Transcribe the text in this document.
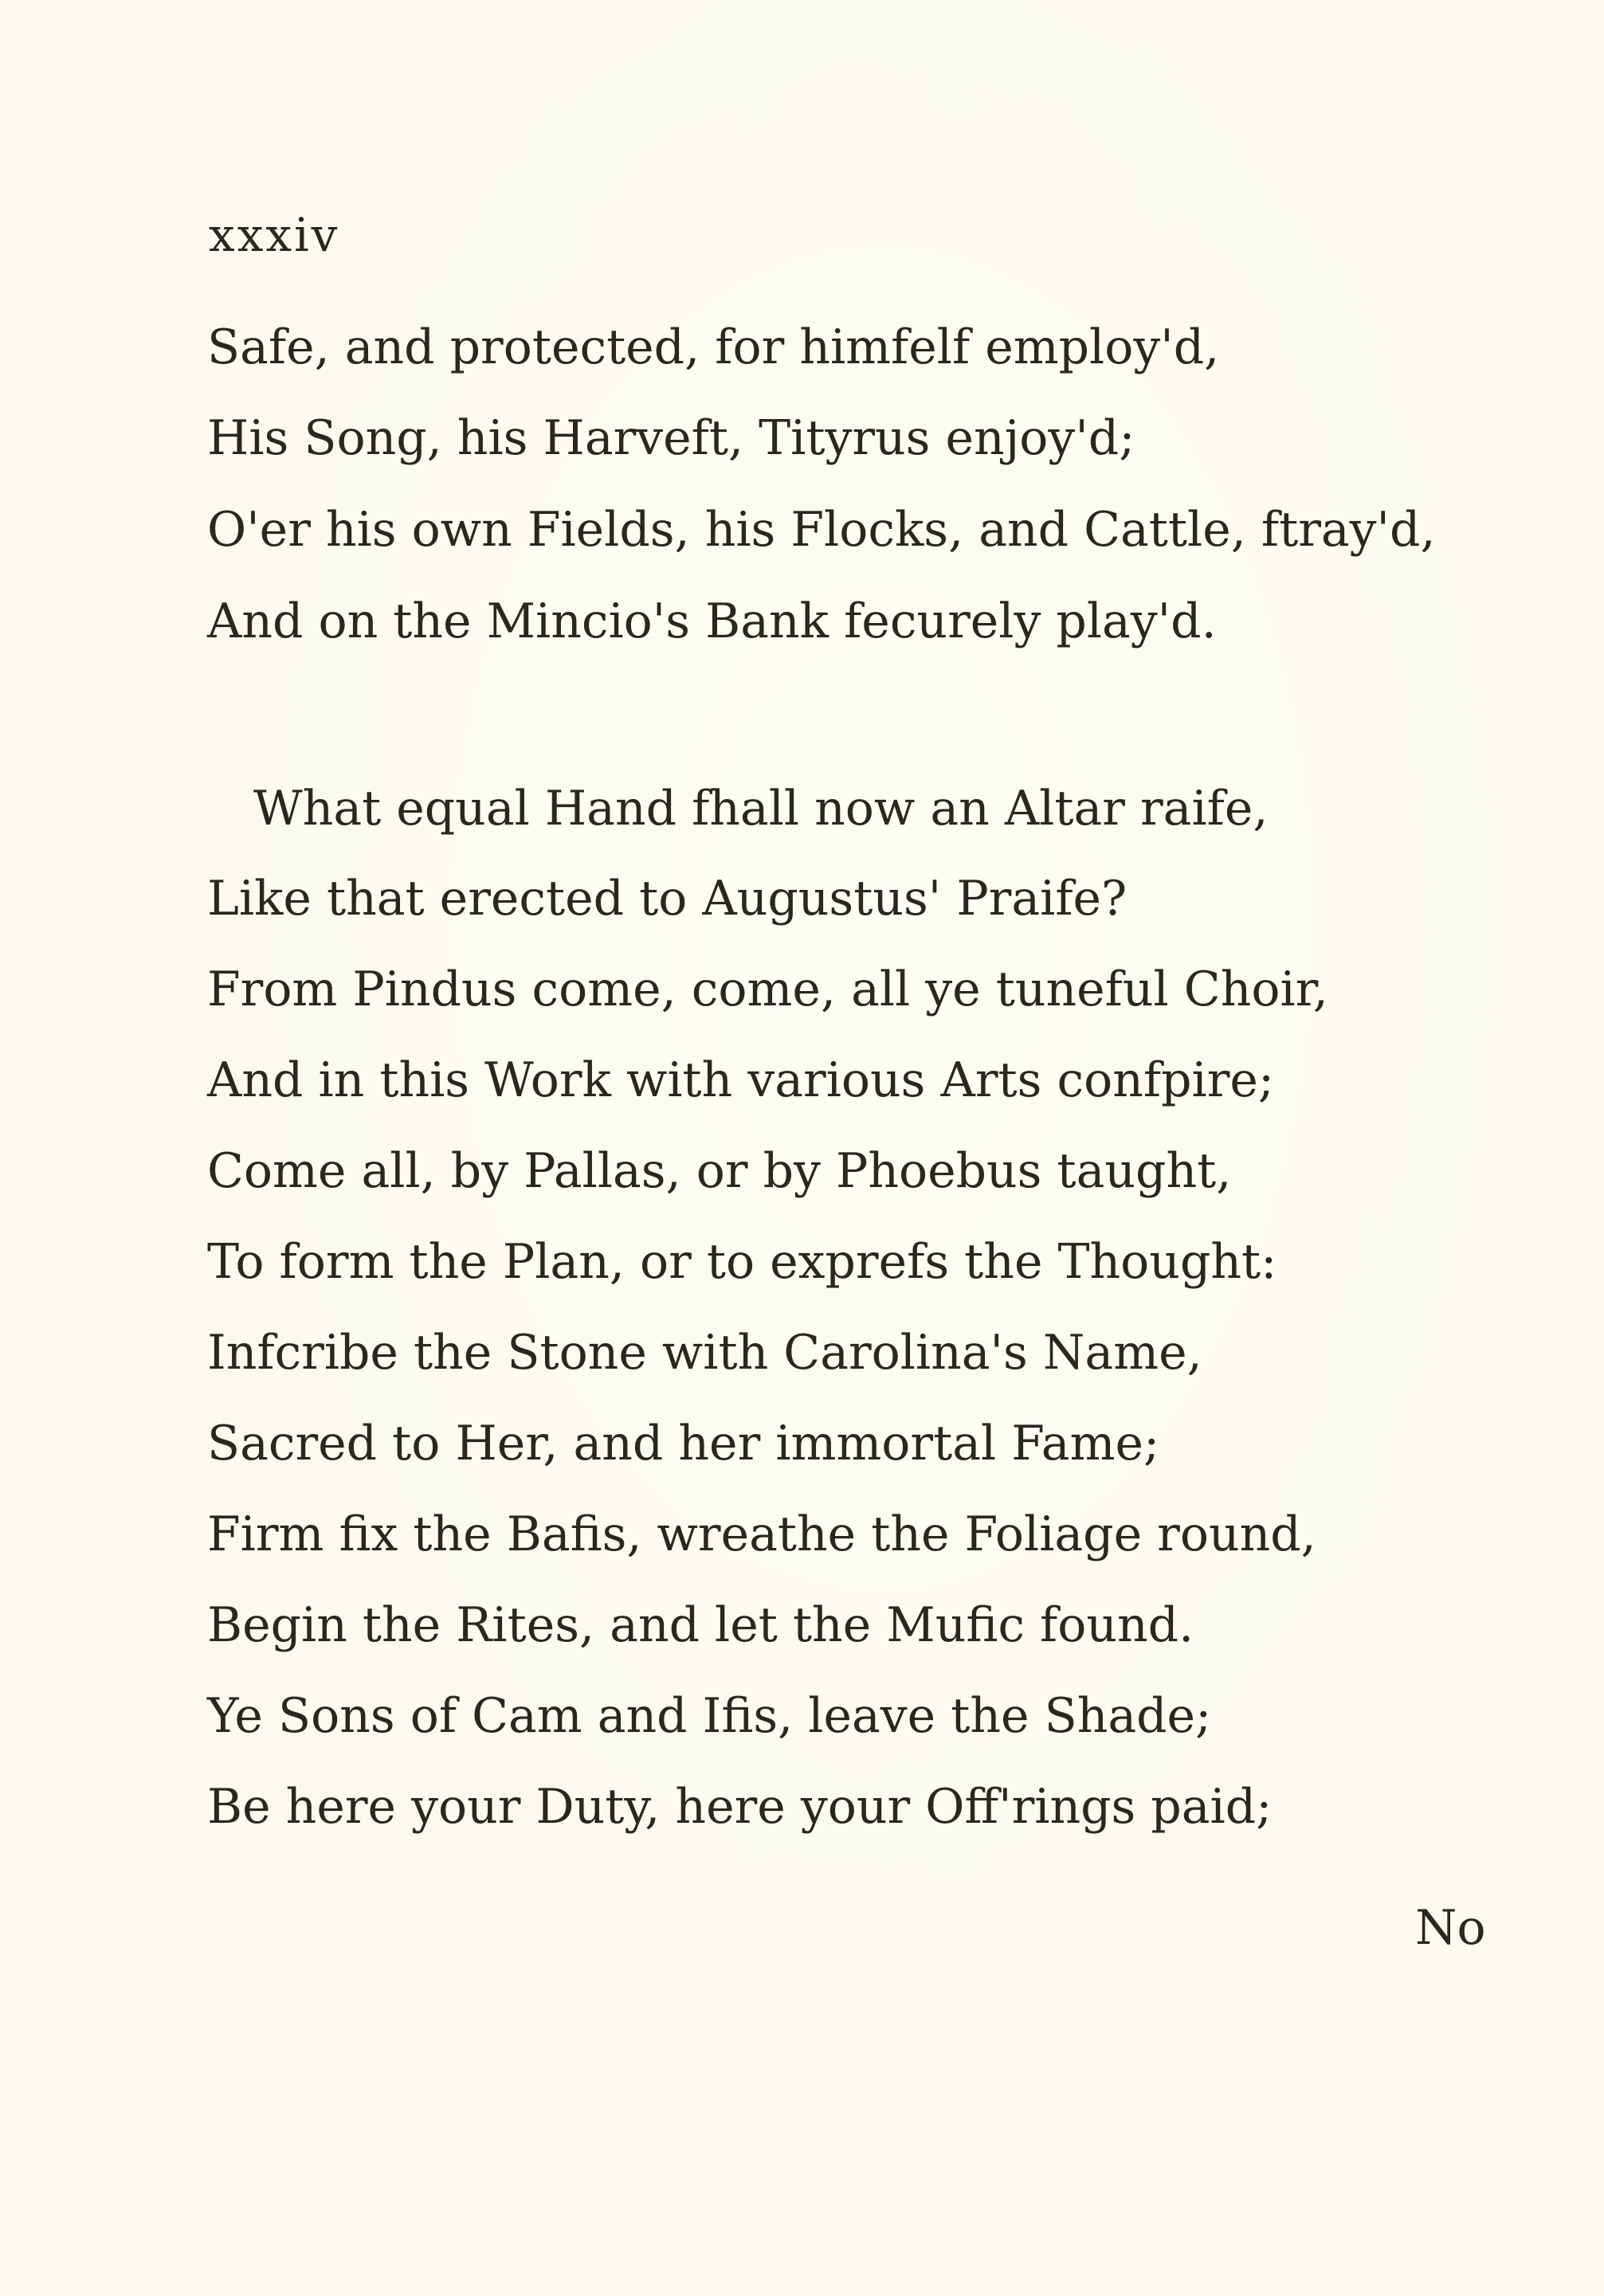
xxxiv
Safe, and protected, for himfelf employ'd,
His Song, his Harveft, Tityrus enjoy'd;
O'er his own Fields, his Flocks, and Cattle, ftray'd,
And on the Mincio's Bank fecurely play'd.
What equal Hand fhall now an Altar raife,
Like that erected to Augustus' Praife?
From Pindus come, come, all ye tuneful Choir,
And in this Work with various Arts confpire;
Come all, by Pallas, or by Phoebus taught,
To form the Plan, or to exprefs the Thought:
Infcribe the Stone with Carolina's Name,
Sacred to Her, and her immortal Fame;
Firm fix the Bafis, wreathe the Foliage round,
Begin the Rites, and let the Mufic found.
Ye Sons of Cam and Ifis, leave the Shade;
Be here your Duty, here your Off'rings paid;
No
